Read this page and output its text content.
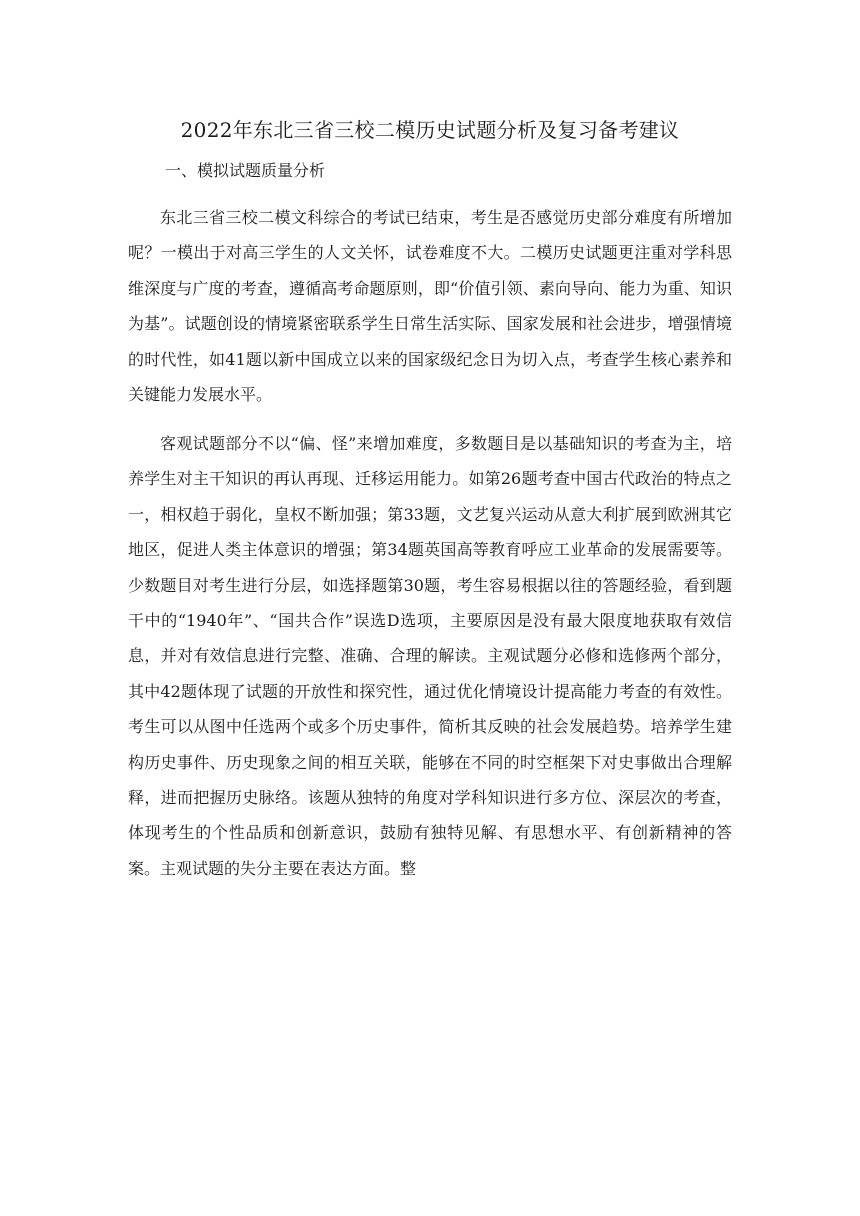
2022年东北三省三校二模历史试题分析及复习备考建议
一、模拟试题质量分析

东北三省三校二模文科综合的考试已结束，考生是否感觉历史部分难度有所增加呢？一模出于对高三学生的人文关怀，试卷难度不大。二模历史试题更注重对学科思维深度与广度的考查，遵循高考命题原则，即“价值引领、素向导向、能力为重、知识为基”。试题创设的情境紧密联系学生日常生活实际、国家发展和社会进步，增强情境的时代性，如41题以新中国成立以来的国家级纪念日为切入点，考查学生核心素养和关键能力发展水平。

客观试题部分不以“偏、怪”来增加难度，多数题目是以基础知识的考查为主，培养学生对主干知识的再认再现、迁移运用能力。如第26题考查中国古代政治的特点之一，相权趋于弱化，皇权不断加强；第33题，文艺复兴运动从意大利扩展到欧洲其它地区，促进人类主体意识的增强；第34题英国高等教育呼应工业革命的发展需要等。少数题目对考生进行分层，如选择题第30题，考生容易根据以往的答题经验，看到题干中的“1940年”、“国共合作”误选D选项，主要原因是没有最大限度地获取有效信息，并对有效信息进行完整、准确、合理的解读。主观试题分必修和选修两个部分，其中42题体现了试题的开放性和探究性，通过优化情境设计提高能力考查的有效性。考生可以从图中任选两个或多个历史事件，简析其反映的社会发展趋势。培养学生建构历史事件、历史现象之间的相互关联，能够在不同的时空框架下对史事做出合理解释，进而把握历史脉络。该题从独特的角度对学科知识进行多方位、深层次的考查，体现考生的个性品质和创新意识，鼓励有独特见解、有思想水平、有创新精神的答案。主观试题的失分主要在表达方面。整
